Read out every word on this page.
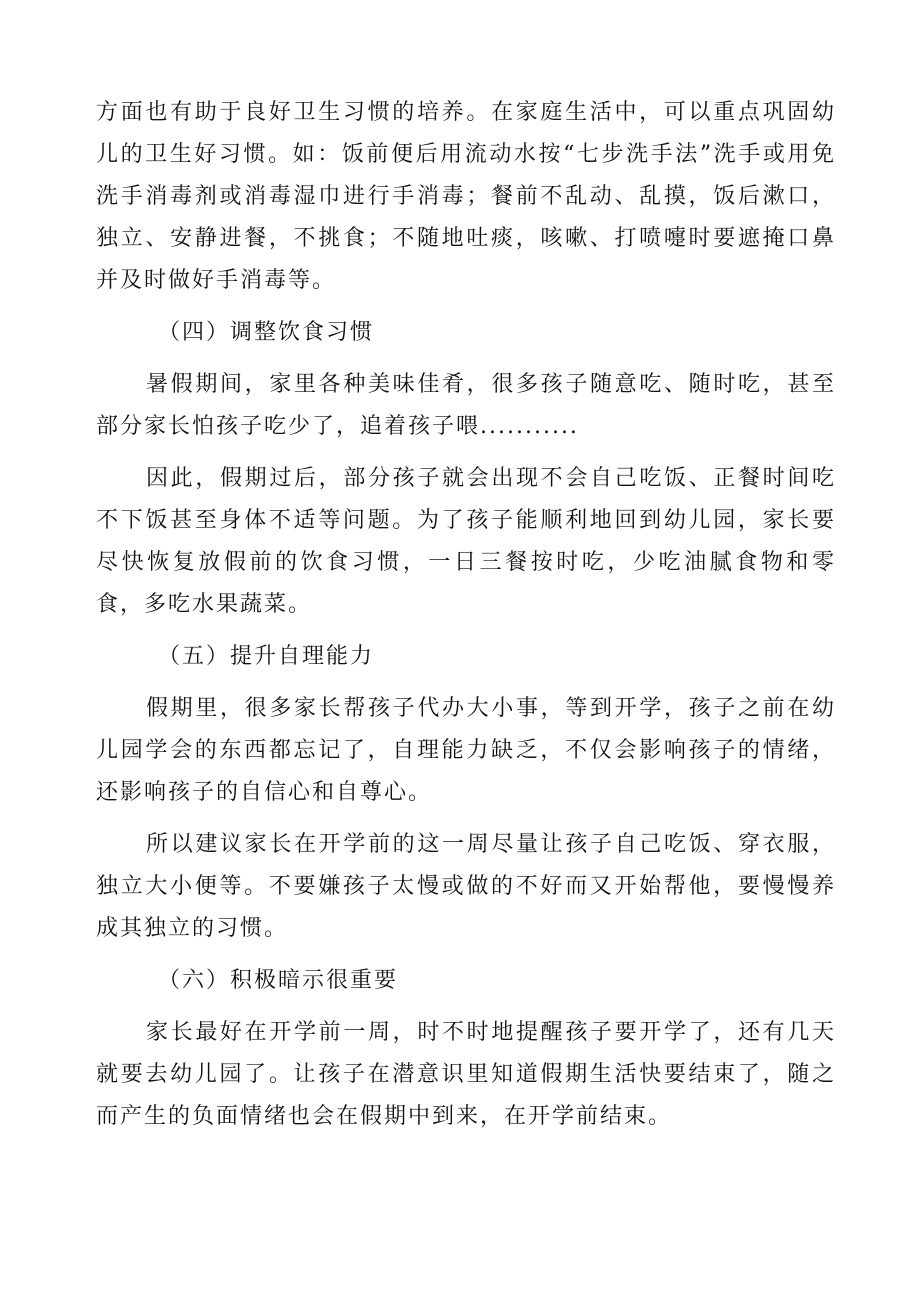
方面也有助于良好卫生习惯的培养。在家庭生活中，可以重点巩固幼儿的卫生好习惯。如：饭前便后用流动水按“七步洗手法”洗手或用免洗手消毒剂或消毒湿巾进行手消毒；餐前不乱动、乱摸，饭后漱口，独立、安静进餐，不挑食；不随地吐痰，咳嗽、打喷嚏时要遮掩口鼻并及时做好手消毒等。

（四）调整饮食习惯

暑假期间，家里各种美味佳肴，很多孩子随意吃、随时吃，甚至部分家长怕孩子吃少了，追着孩子喂...........

因此，假期过后，部分孩子就会出现不会自己吃饭、正餐时间吃不下饭甚至身体不适等问题。为了孩子能顺利地回到幼儿园，家长要尽快恢复放假前的饮食习惯，一日三餐按时吃，少吃油腻食物和零食，多吃水果蔬菜。

（五）提升自理能力

假期里，很多家长帮孩子代办大小事，等到开学，孩子之前在幼儿园学会的东西都忘记了，自理能力缺乏，不仅会影响孩子的情绪，还影响孩子的自信心和自尊心。

所以建议家长在开学前的这一周尽量让孩子自己吃饭、穿衣服，独立大小便等。不要嫌孩子太慢或做的不好而又开始帮他，要慢慢养成其独立的习惯。

（六）积极暗示很重要

家长最好在开学前一周，时不时地提醒孩子要开学了，还有几天就要去幼儿园了。让孩子在潜意识里知道假期生活快要结束了，随之而产生的负面情绪也会在假期中到来，在开学前结束。
